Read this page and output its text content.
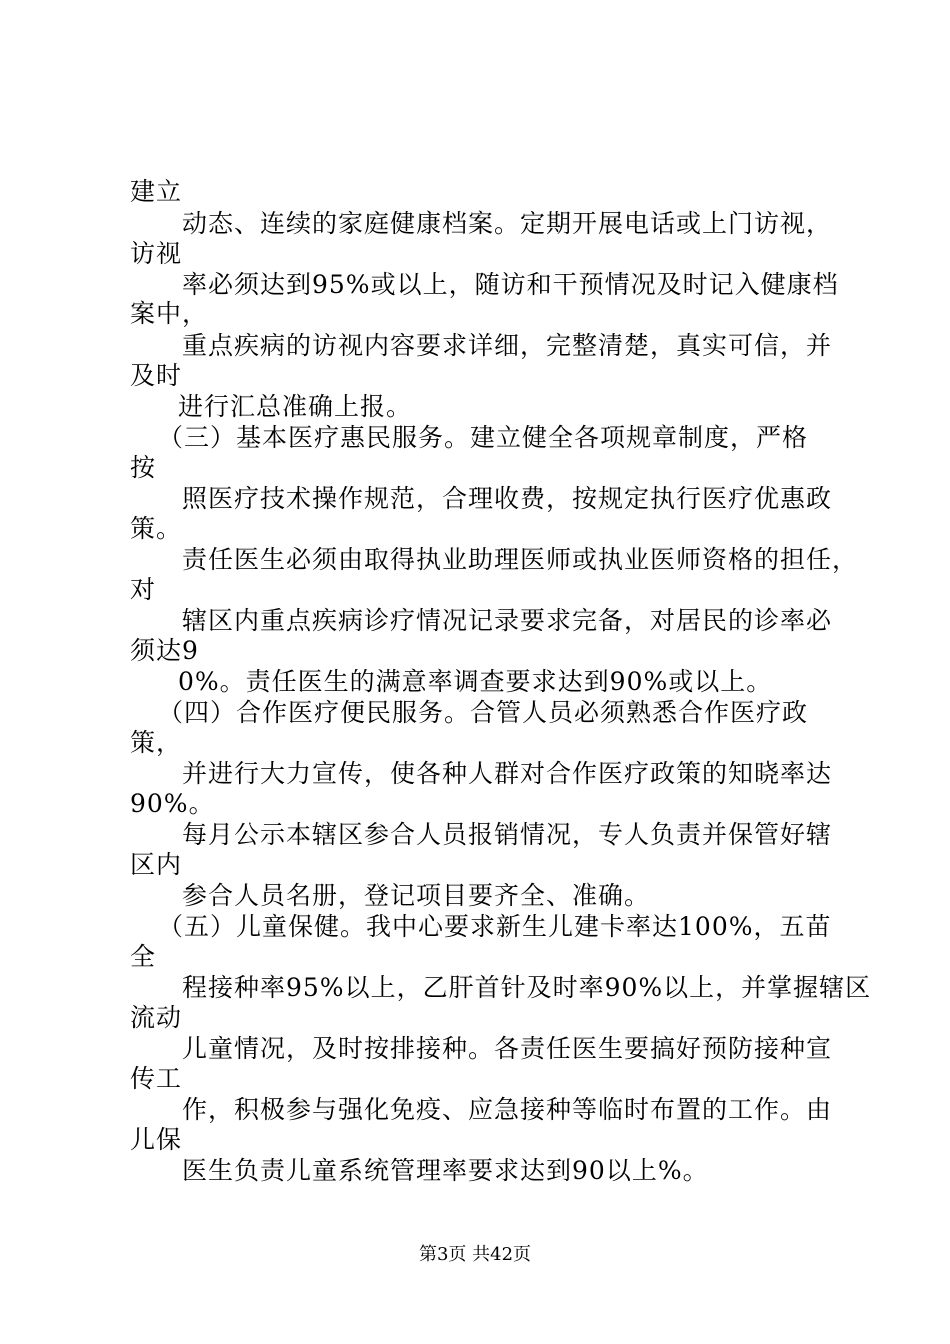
建立
动态、连续的家庭健康档案。定期开展电话或上门访视，
访视
率必须达到95%或以上，随访和干预情况及时记入健康档
案中，
重点疾病的访视内容要求详细，完整清楚，真实可信，并
及时
进行汇总准确上报。
（三）基本医疗惠民服务。建立健全各项规章制度，严格
按
照医疗技术操作规范，合理收费，按规定执行医疗优惠政
策。
责任医生必须由取得执业助理医师或执业医师资格的担任，
对
辖区内重点疾病诊疗情况记录要求完备，对居民的诊率必
须达9
0%。责任医生的满意率调查要求达到90%或以上。
（四）合作医疗便民服务。合管人员必须熟悉合作医疗政
策，
并进行大力宣传，使各种人群对合作医疗政策的知晓率达
90%。
每月公示本辖区参合人员报销情况，专人负责并保管好辖
区内
参合人员名册，登记项目要齐全、准确。
（五）儿童保健。我中心要求新生儿建卡率达100%，五苗
全
程接种率95%以上，乙肝首针及时率90%以上，并掌握辖区
流动
儿童情况，及时按排接种。各责任医生要搞好预防接种宣
传工
作，积极参与强化免疫、应急接种等临时布置的工作。由
儿保
医生负责儿童系统管理率要求达到90以上%。
第3页 共42页
